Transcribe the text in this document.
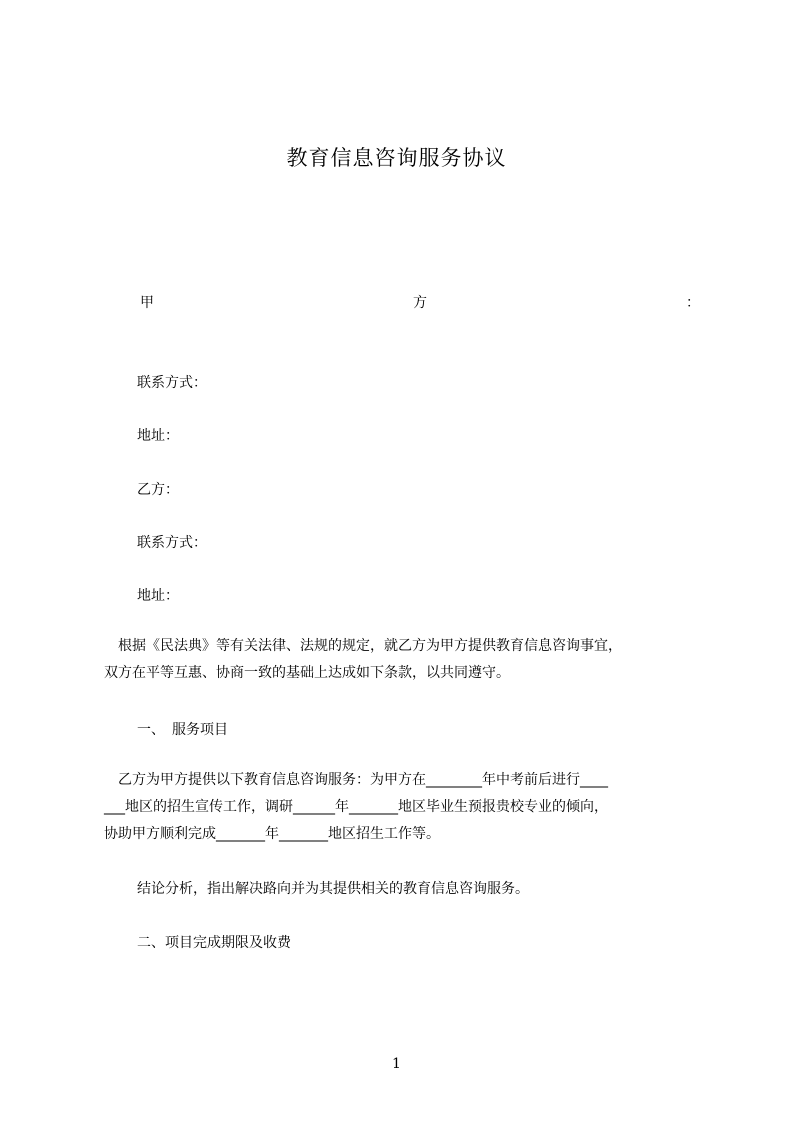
教育信息咨询服务协议
甲	方	：
联系方式：
地址：
乙方：
联系方式：
地址：

　根据《民法典》等有关法律、法规的规定，就乙方为甲方提供教育信息咨询事宜，

双方在平等互惠、协商一致的基础上达成如下条款，以共同遵守。

一、　服务项目

　乙方为甲方提供以下教育信息咨询服务：为甲方在________年中考前后进行____

___地区的招生宣传工作，调研______年_______地区毕业生预报贵校专业的倾向，

协助甲方顺利完成_______年_______地区招生工作等。

结论分析，指出解决路向并为其提供相关的教育信息咨询服务。
二、项目完成期限及收费
1
